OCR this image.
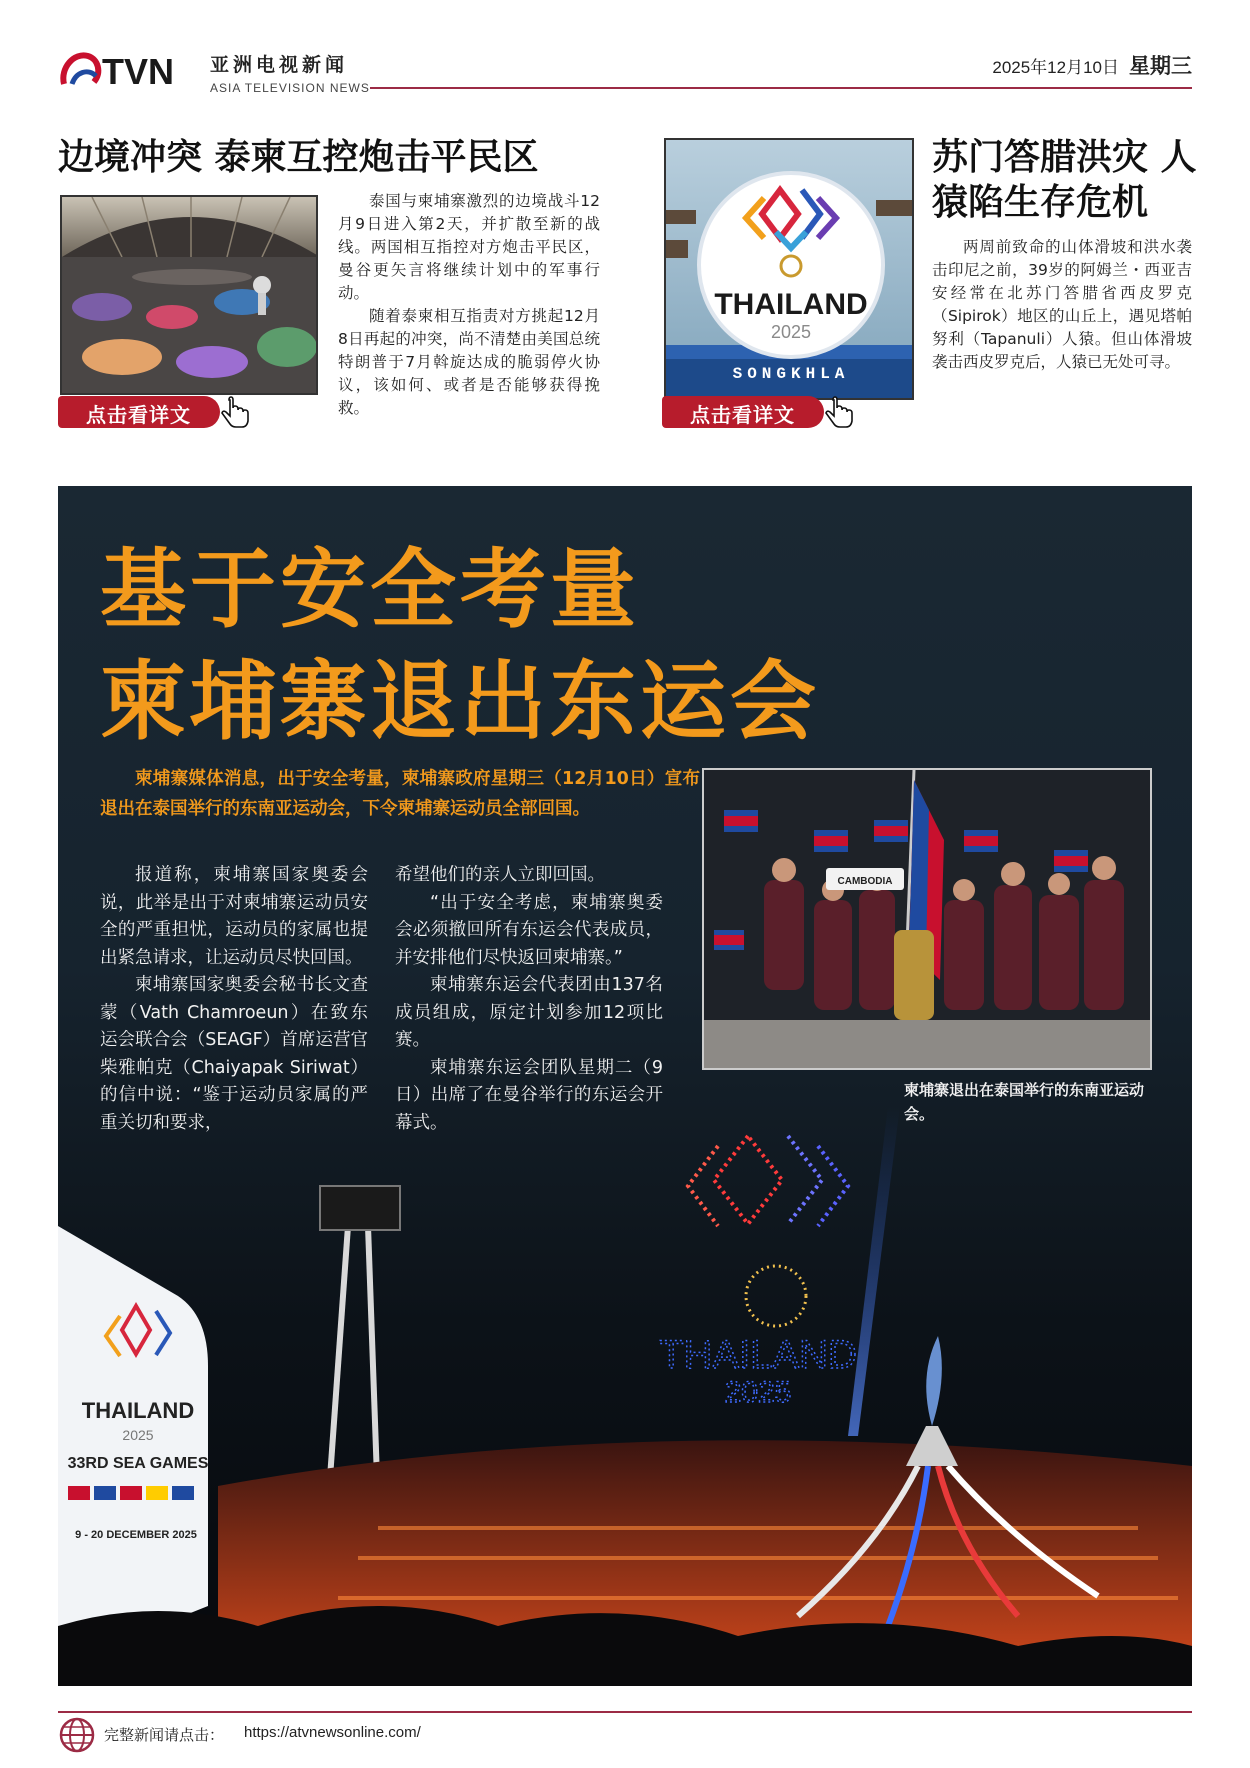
TVN 亚洲电视新闻
ASIA TELEVISION NEWS
2025年12月10日 星期三
边境冲突 泰柬互控炮击平民区

泰国与柬埔寨激烈的边境战斗12月9日进入第2天，并扩散至新的战线。两国相互指控对方炮击平民区，曼谷更矢言将继续计划中的军事行动。

随着泰柬相互指责对方挑起12月8日再起的冲突，尚不清楚由美国总统特朗普于7月斡旋达成的脆弱停火协议，该如何、或者是否能够获得挽救。

点击看详文
THAILAND
2025
SONGKHLA
苏门答腊洪灾 人猿陷生存危机

两周前致命的山体滑坡和洪水袭击印尼之前，39岁的阿姆兰・西亚吉安经常在北苏门答腊省西皮罗克（Sipirok）地区的山丘上，遇见塔帕努利（Tapanuli）人猿。但山体滑坡袭击西皮罗克后，人猿已无处可寻。

点击看详文
THAILAND
2025
THAILAND
2025
33RD SEA GAMES
9 - 20 DECEMBER 2025
基于安全考量
柬埔寨退出东运会

柬埔寨媒体消息，出于安全考量，柬埔寨政府星期三（12月10日）宣布退出在泰国举行的东南亚运动会，下令柬埔寨运动员全部回国。

报道称，柬埔寨国家奥委会说，此举是出于对柬埔寨运动员安全的严重担忧，运动员的家属也提出紧急请求，让运动员尽快回国。

柬埔寨国家奥委会秘书长文查蒙（Vath Chamroeun）在致东运会联合会（SEAGF）首席运营官柴雅帕克（Chaiyapak Siriwat）的信中说：“鉴于运动员家属的严重关切和要求，

希望他们的亲人立即回国。

“出于安全考虑，柬埔寨奥委会必须撤回所有东运会代表成员，并安排他们尽快返回柬埔寨。”

柬埔寨东运会代表团由137名成员组成，原定计划参加12项比赛。

柬埔寨东运会团队星期二（9日）出席了在曼谷举行的东运会开幕式。

CAMBODIA
柬埔寨退出在泰国举行的东南亚运动会。
完整新闻请点击： https://atvnewsonline.com/
